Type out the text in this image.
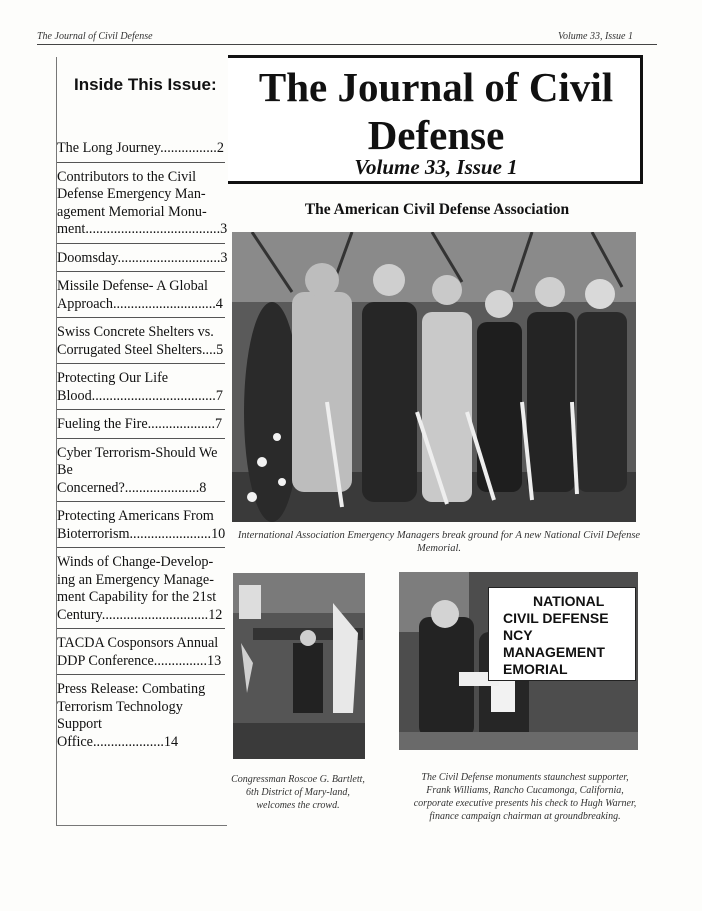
The Journal of Civil Defense	Volume 33, Issue 1
Inside This Issue:
The Long Journey................2
Contributors to the Civil Defense Emergency Man-agement Memorial Monu-ment......................................3
Doomsday.............................3
Missile Defense- A Global Approach.............................4
Swiss Concrete Shelters vs. Corrugated Steel Shelters....5
Protecting Our Life Blood...................................7
Fueling the Fire...................7
Cyber Terrorism-Should We Be Concerned?.....................8
Protecting Americans From Bioterrorism.......................10
Winds of Change-Develop-ing an Emergency Manage-ment Capability for the 21st Century..............................12
TACDA Cosponsors Annual DDP Conference...............13
Press Release: Combating Terrorism Technology Support Office....................14
The Journal of Civil
Defense
Volume 33, Issue 1
The American Civil Defense Association
International Association Emergency Managers break ground for A new National Civil Defense Memorial.
Congressman Roscoe G. Bartlett, 6th District of Mary-land, welcomes the crowd.
NATIONAL
CIVIL DEFENSE
NCY MANAGEMENT
EMORIAL
The Civil Defense monuments staunchest supporter, Frank Williams, Rancho Cucamonga, California, corporate executive presents his check to Hugh Warner, finance campaign chairman at groundbreaking.
